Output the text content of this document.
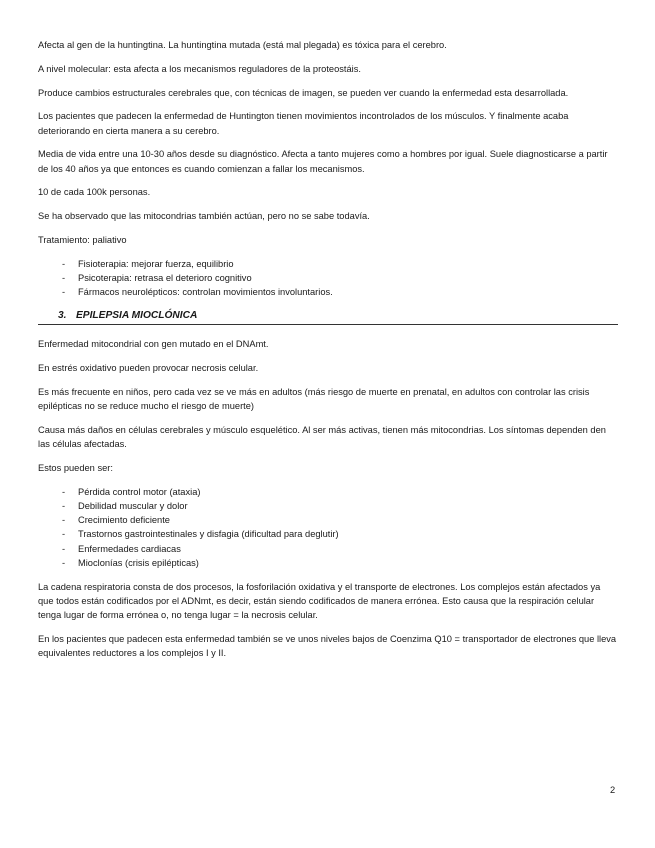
Afecta al gen de la huntingtina. La huntingtina mutada (está mal plegada) es tóxica para el cerebro.

A nivel molecular: esta afecta a los mecanismos reguladores de la proteostáis.

Produce cambios estructurales cerebrales que, con técnicas de imagen, se pueden ver cuando la enfermedad esta desarrollada.

Los pacientes que padecen la enfermedad de Huntington tienen movimientos incontrolados de los músculos. Y finalmente acaba deteriorando en cierta manera a su cerebro.

Media de vida entre una 10-30 años desde su diagnóstico. Afecta a tanto mujeres como a hombres por igual. Suele diagnosticarse a partir de los 40 años ya que entonces es cuando comienzan a fallar los mecanismos.

10 de cada 100k personas.

Se ha observado que las mitocondrias también actúan, pero no se sabe todavía.

Tratamiento: paliativo

- Fisioterapia: mejorar fuerza, equilibrio
- Psicoterapia: retrasa el deterioro cognitivo
- Fármacos neurolépticos: controlan movimientos involuntarios.
3. EPILEPSIA MIOCLÓNICA

Enfermedad mitocondrial con gen mutado en el DNAmt.

En estrés oxidativo pueden provocar necrosis celular.

Es más frecuente en niños, pero cada vez se ve más en adultos (más riesgo de muerte en prenatal, en adultos con controlar las crisis epilépticas no se reduce mucho el riesgo de muerte)

Causa más daños en células cerebrales y músculo esquelético. Al ser más activas, tienen más mitocondrias. Los síntomas dependen den las células afectadas.

Estos pueden ser:

- Pérdida control motor (ataxia)
- Debilidad muscular y dolor
- Crecimiento deficiente
- Trastornos gastrointestinales y disfagia (dificultad para deglutir)
- Enfermedades cardiacas
- Mioclonías (crisis epilépticas)

La cadena respiratoria consta de dos procesos, la fosforilación oxidativa y el transporte de electrones. Los complejos están afectados ya que todos están codificados por el ADNmt, es decir, están siendo codificados de manera errónea. Esto causa que la respiración celular tenga lugar de forma errónea o, no tenga lugar = la necrosis celular.

En los pacientes que padecen esta enfermedad también se ve unos niveles bajos de Coenzima Q10 = transportador de electrones que lleva equivalentes reductores a los complejos I y II.

2
